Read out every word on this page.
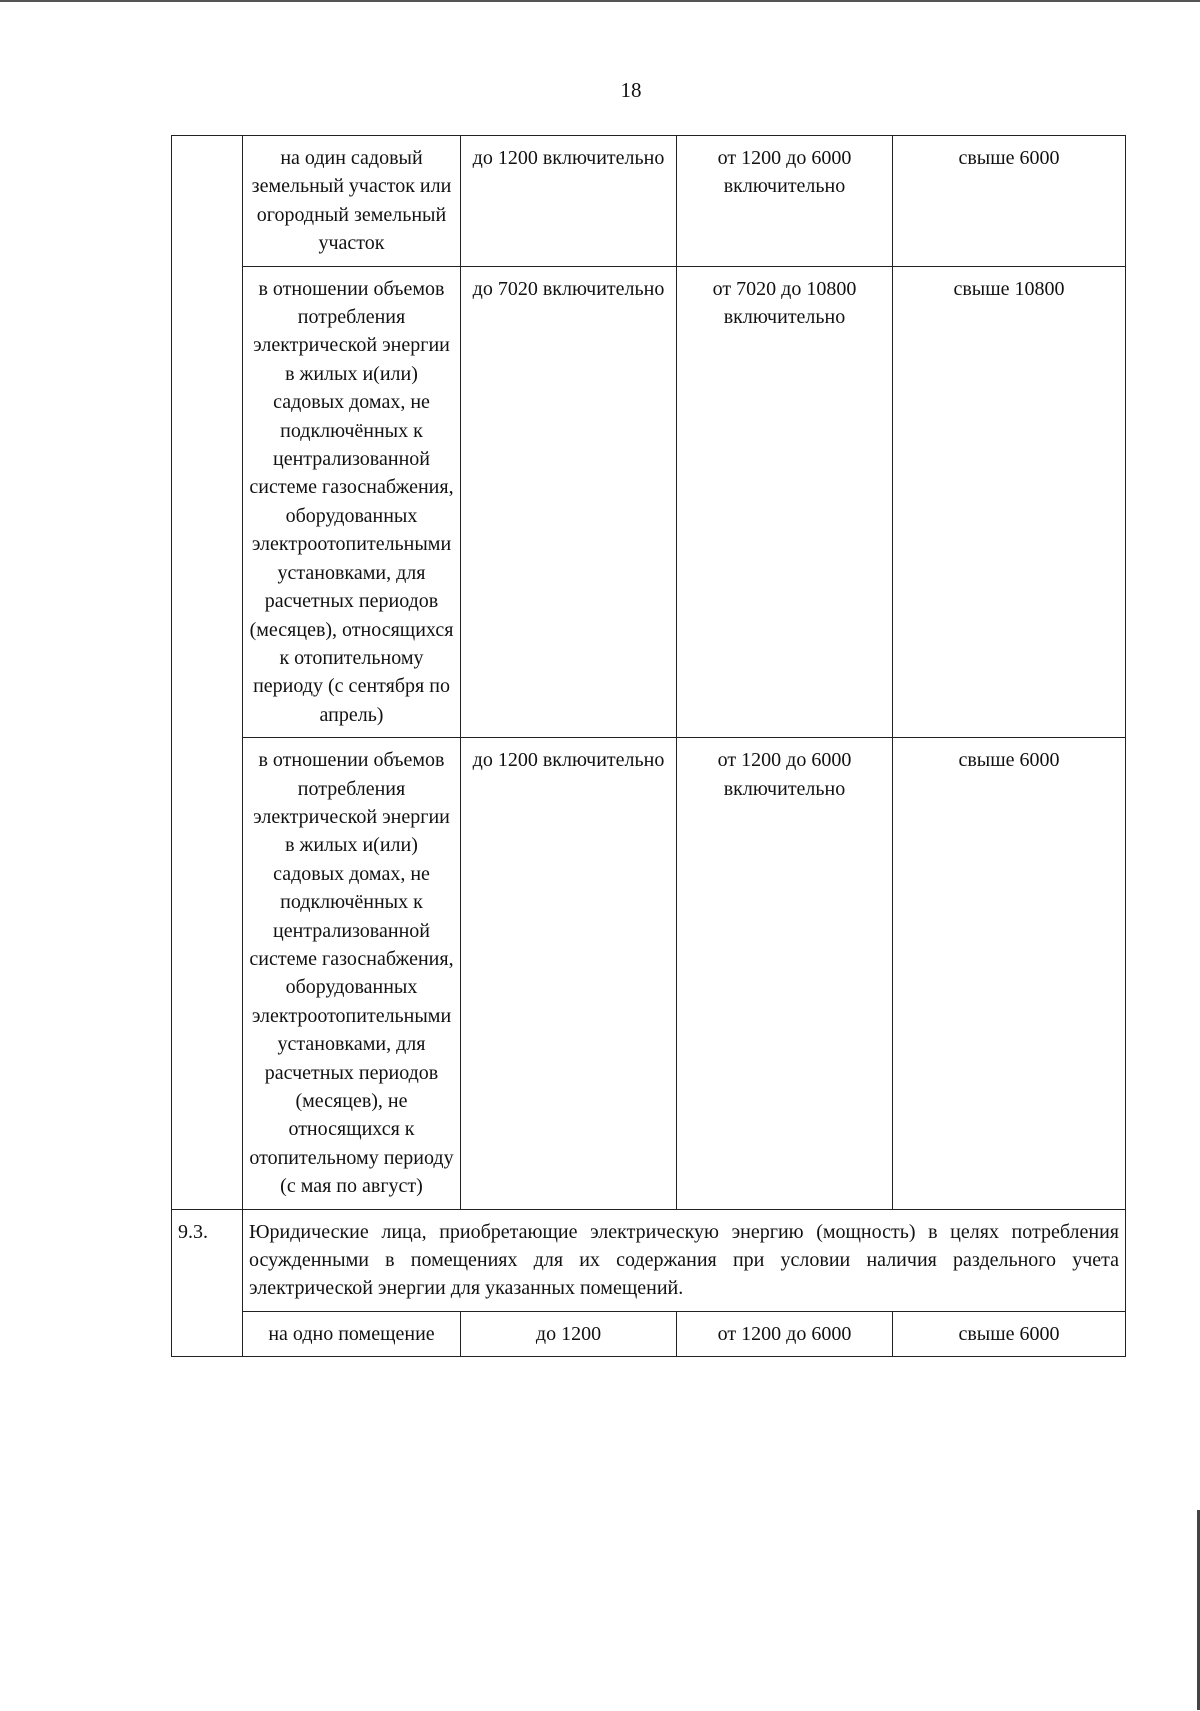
18
	на один садовый земельный участок или огородный земельный участок	до 1200 включительно	от 1200 до 6000 включительно	свыше 6000
	в отношении объемов потребления электрической энергии в жилых и(или) садовых домах, не подключённых к централизованной системе газоснабжения, оборудованных электроотопительными установками, для расчетных периодов (месяцев), относящихся к отопительному периоду (с сентября по апрель)	до 7020 включительно	от 7020 до 10800 включительно	свыше 10800
	в отношении объемов потребления электрической энергии в жилых и(или) садовых домах, не подключённых к централизованной системе газоснабжения, оборудованных электроотопительными установками, для расчетных периодов (месяцев), не относящихся к отопительному периоду (с мая по август)	до 1200 включительно	от 1200 до 6000 включительно	свыше 6000
9.3.	Юридические лица, приобретающие электрическую энергию (мощность) в целях потребления осужденными в помещениях для их содержания при условии наличия раздельного учета электрической энергии для указанных помещений.			
	на одно помещение	до 1200	от 1200 до 6000	свыше 6000
